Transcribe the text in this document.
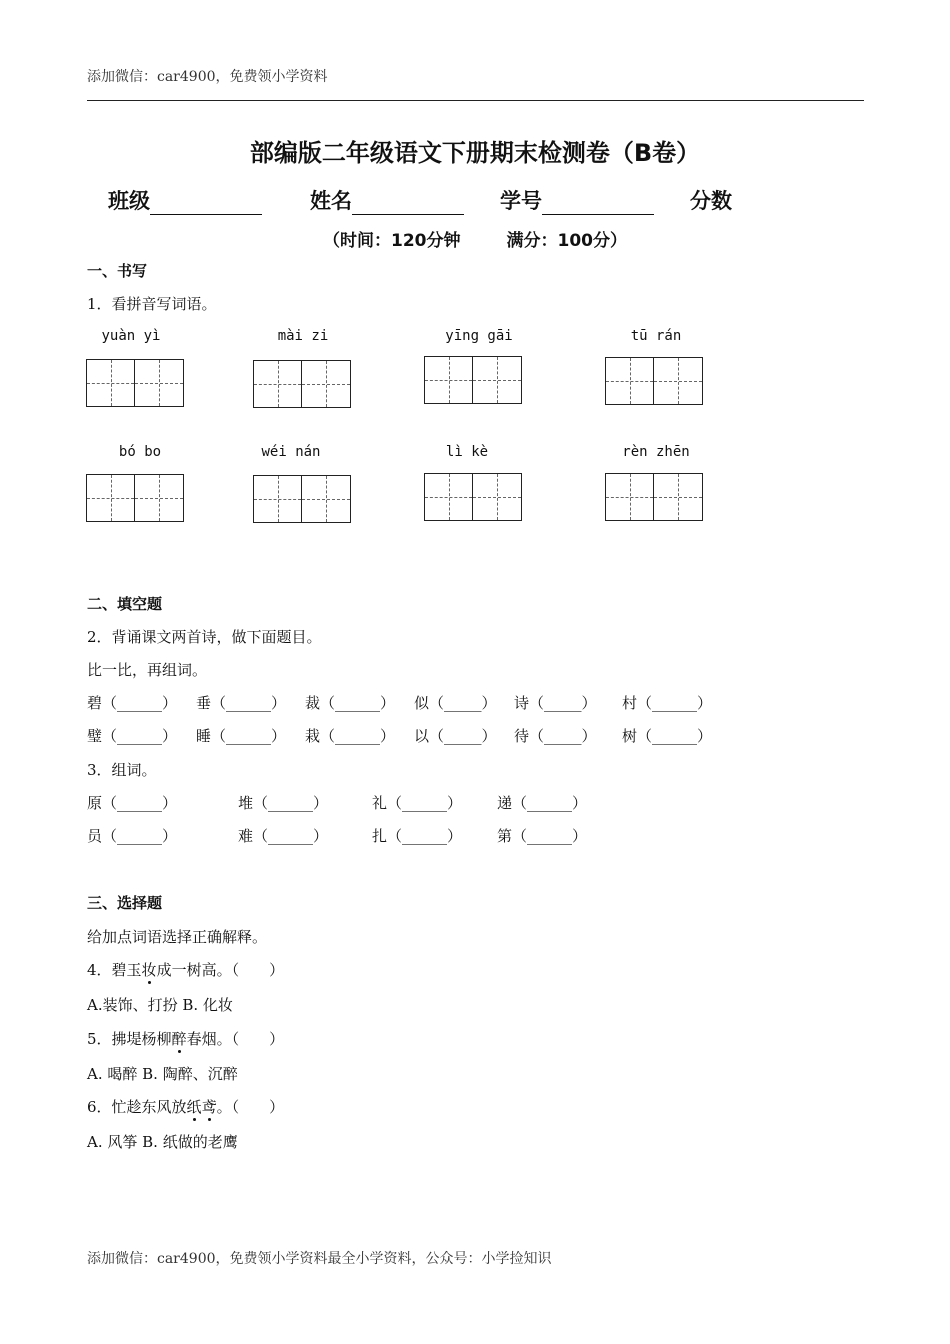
添加微信：car4900，免费领小学资料
部编版二年级语文下册期末检测卷（B卷）
班级	姓名	学号	分数
（时间：120分钟	满分：100分）
一、书写
1．看拼音写词语。
yuàn yì	mài zi	yīng gāi	tū rán
bó bo	wéi nán	lì kè	rèn zhēn
二、填空题
2．背诵课文两首诗，做下面题目。
比一比，再组词。
碧（______） 垂（______） 裁（______） 似（_____） 诗（_____） 村（______）
璧（______） 睡（______） 栽（______） 以（_____） 待（_____） 树（______）
3．组词。
原（______）	堆（______）	礼（______） 递（______）
员（______）	难（______）	扎（______） 第（______）
三、选择题
给加点词语选择正确解释。
4．碧玉妆成一树高。（　　）
A.装饰、打扮 B. 化妆
5．拂堤杨柳醉春烟。（　　）
A. 喝醉 B. 陶醉、沉醉
6．忙趁东风放纸鸢。（　　）
A. 风筝 B. 纸做的老鹰
添加微信：car4900，免费领小学资料最全小学资料，公众号：小学捡知识
